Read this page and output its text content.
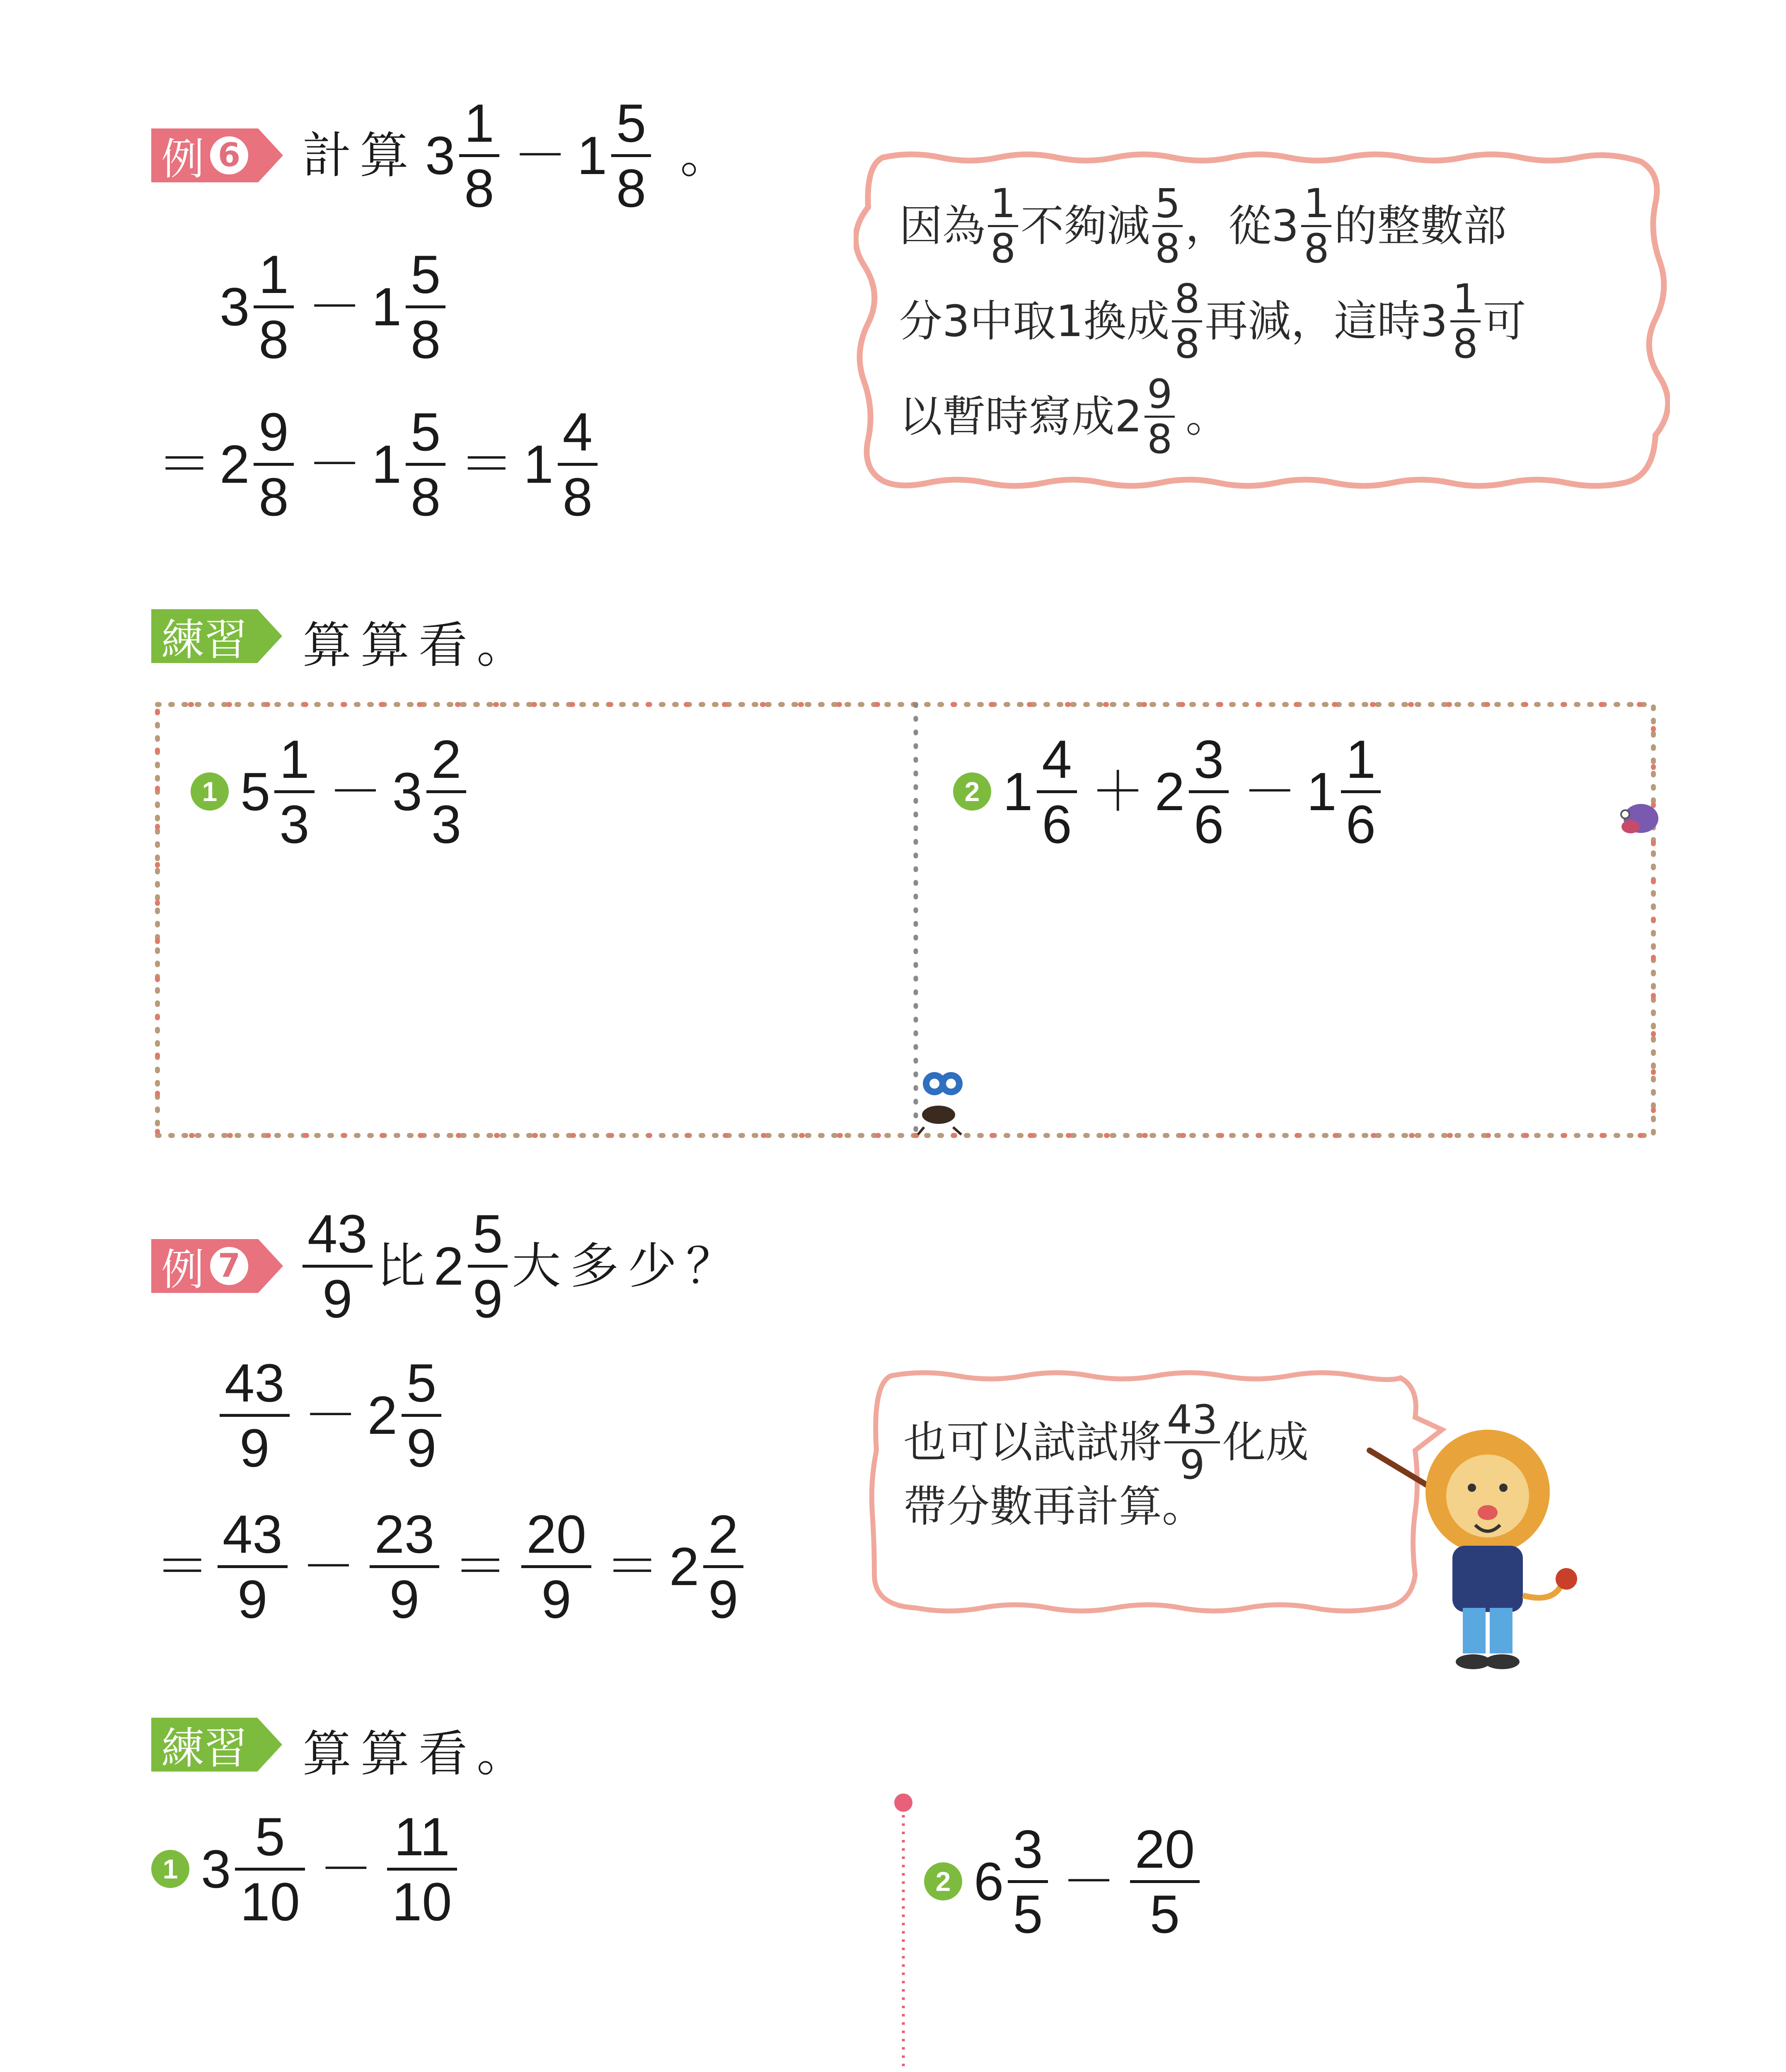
例 6 計算 $3 \frac{1}{8} - 1 \frac{5}{8}$ 。
$3 \frac{1}{8} - 1 \frac{5}{8}$
＝ $2 \frac{9}{8} - 1 \frac{5}{8} = 1 \frac{4}{8}$
因為 $\frac{1}{8}$ 不夠減 $\frac{5}{8}$ ，從$3 \frac{1}{8}$ 的整數部
分3中取1換成 $\frac{8}{8}$ 再減，這時$3 \frac{1}{8}$ 可
以暫時寫成$2 \frac{9}{8}$ 。
練習 算算看。
1 $5 \frac{1}{3} - 3 \frac{2}{3}$	2 $1 \frac{4}{6} + 2 \frac{3}{6} - 1 \frac{1}{6}$
例 $7 \frac{43}{9}$ 比 $2 \frac{5}{9}$ 大多少？
$\frac{43}{9} - 2 \frac{5}{9}$
＝ $\frac{43}{9} - \frac{23}{9} = \frac{20}{9} = 2 \frac{2}{9}$
也可以試試將 $\frac{43}{9}$ 化成
帶分數再計算。
練習 算算看。
1 $3 \frac{5}{10} - \frac{11}{10}$	2 $6 \frac{3}{5} - \frac{20}{5}$
